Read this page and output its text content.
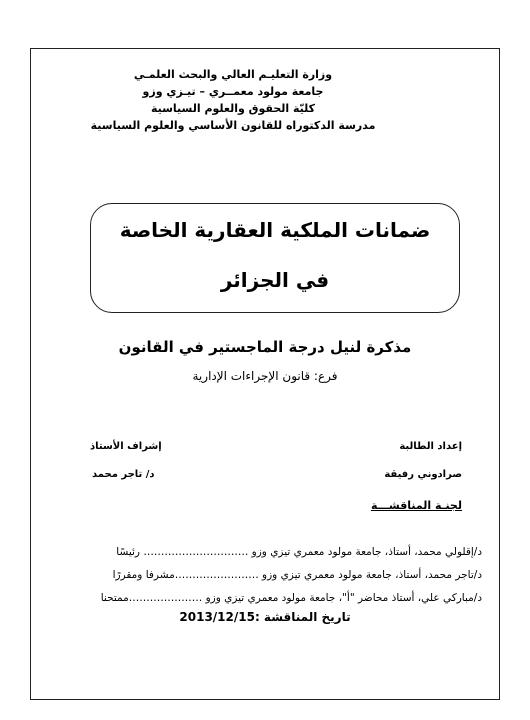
وزارة التعليـم العالي والبحث العلمـي
جامعة مولود معمــري – تيـزي وزو
كليّة الحقوق والعلوم السياسية
مدرسة الدكتوراه للقانون الأساسي والعلوم السياسية
ضمانات الملكية العقارية الخاصة
في الجزائر
مذكرة لنيل درجة الماجستير في القانون
فرع: قانون الإجراءات الإدارية
إعداد الطالبة
صرادوني رفيقة
إشراف الأستاذ
د/ تاجر محمد
لجنـة المناقشـــة
د/إقلولي محمد، أستاذ، جامعة مولود معمري تيزي وزو ………………………… رئيسًا
د/تاجر محمد، أستاذ، جامعة مولود معمري تيزي وزو ……………………مشرفا ومقررًا
د/مباركي علي، أستاذ محاضر "أ"، جامعة مولود معمري تيزي وزو …………………ممتحنا
تاريخ المناقشة :2013/12/15
